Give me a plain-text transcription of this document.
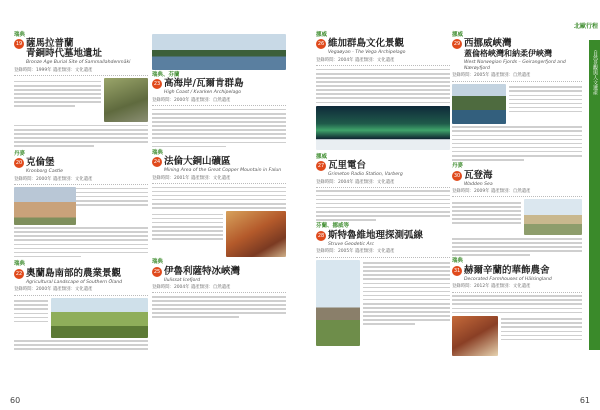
瑞典
19 薩馬拉普蘭
青銅時代墓地遺址
Bronze Age Burial Site of Sammallahdenmäki
登錄時間：1999年 遺產類別：文化遺產
丹麥
20 克倫堡
Kronborg Castle
登錄時間：2000年 遺產類別：文化遺產
瑞典
22 奧蘭島南部的農業景觀
Agricultural Landscape of Southern Öland
登錄時間：2000年 遺產類別：文化遺產
瑞典、芬蘭
23 高海岸/瓦爾肯群島
High Coast / Kvarken Archipelago
登錄時間：2000年 遺產類別：自然遺產
瑞典
24 法倫大銅山礦區
Mining Area of the Great Copper Mountain in Falun
登錄時間：2001年 遺產類別：文化遺產
瑞典
25 伊魯利薩特冰峽灣
Ilulissat Icefjord
登錄時間：2004年 遺產類別：自然遺產
60
北歐行程
自然景觀與人文遺產
挪威
26 維加群島文化景觀
Vegaøyan - The Vega Archipelago
登錄時間：2004年 遺產類別：文化遺產
挪威
27 瓦里電台
Grimeton Radio Station, Varberg
登錄時間：2004年 遺產類別：文化遺產
芬蘭、挪威等
28 斯特魯維地理探測弧線
Struve Geodetic Arc
登錄時間：2005年 遺產類別：文化遺產
挪威
29 西挪威峽灣
蓋倫格峽灣和納柔伊峽灣
West Norwegian Fjords – Geirangerfjord and Nærøyfjord
登錄時間：2005年 遺產類別：自然遺產
丹麥
30 瓦登海
Wadden Sea
登錄時間：2009年 遺產類別：自然遺產
瑞典
31 赫爾辛蘭的華飾農舍
Decorated Farmhouses of Hälsingland
登錄時間：2012年 遺產類別：文化遺產
61
